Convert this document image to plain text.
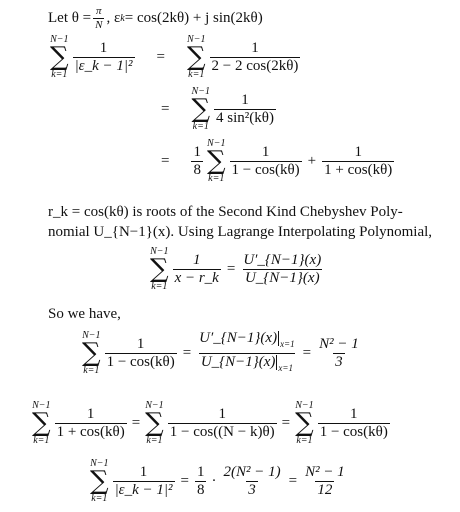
Let $\theta = \frac{\pi}{N}$ , ε k = cos(2kθ) + j sin(2kθ)
N−1
∑
k=1
$\frac{1}{\text{|ε\_k − 1|²}}$ =
N−1
∑
k=1
$\frac{1}{2 - 2 \cos(2k\theta)}$
=
N−1
∑
k=1
$\frac{1}{\text{4 sin²(kθ)}}$
= $\frac{1}{8}$
N−1
∑
k=1
$\frac{1}{1 - \cos(k\theta)} + \frac{1}{1 + \cos(k\theta)}$
r_k = cos(kθ) is roots of the Second Kind Chebyshev Poly-
nomial U_{N−1}(x). Using Lagrange Interpolating Polynomial,
N−1
∑
k=1
$\frac{1}{x - r\_k} = \frac{U'\_\{N-1\}(x)}{U\_\{N-1\}(x)}$
So we have,
N−1
∑
k=1
$\frac{1}{1 - \cos(k\theta)} = \frac{U'\_\{N-1\}(x) _{x=1}}{U\_\{N-1\}(x) _{x=1}} = \frac{\text{N² − 1}}{3}$
N−1
∑
k=1
$\frac{1}{1 + \cos(k\theta)}$ =
N−1
∑
k=1
$\frac{1}{1 - \cos((N - k)\theta)}$ =
N−1
∑
k=1
$\frac{1}{1 - \cos(k\theta)}$
N−1
∑
k=1
$\frac{1}{\text{|ε\_k − 1|²}} = \frac{1}{8} \cdot \frac{\text{2(N² − 1)}}{3} = \frac{\text{N² − 1}}{12}$
